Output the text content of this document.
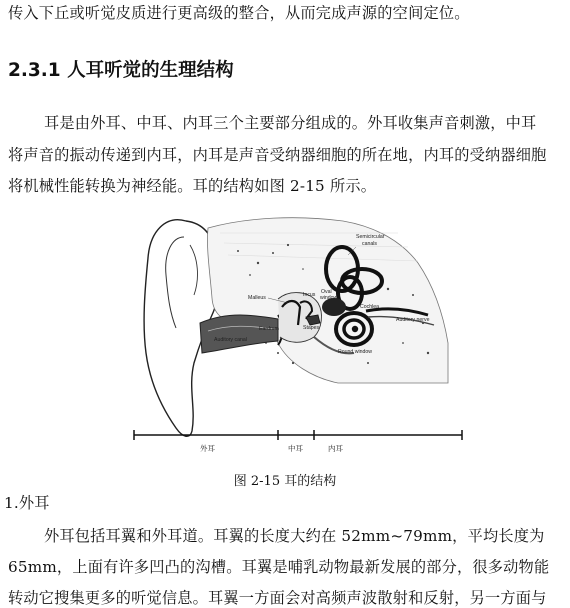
传入下丘或听觉皮质进行更高级的整合，从而完成声源的空间定位。
2.3.1 人耳听觉的生理结构
耳是由外耳、中耳、内耳三个主要部分组成的。外耳收集声音刺激，中耳
将声音的振动传递到内耳，内耳是声音受纳器细胞的所在地，内耳的受纳器细胞
将机械性能转换为神经能。耳的结构如图 2-15 所示。
Semicircular
canals
Malleus	Incus Oval
window
Cochlea
Auditory nerve
Eardrum	Stapes
Auditory canal
Round window
外耳	中耳	内耳
图 2-15 耳的结构
1.外耳
外耳包括耳翼和外耳道。耳翼的长度大约在 52mm~79mm，平均长度为
65mm，上面有许多凹凸的沟槽。耳翼是哺乳动物最新发展的部分，很多动物能
转动它搜集更多的听觉信息。耳翼一方面会对高频声波散射和反射，另一方面与
